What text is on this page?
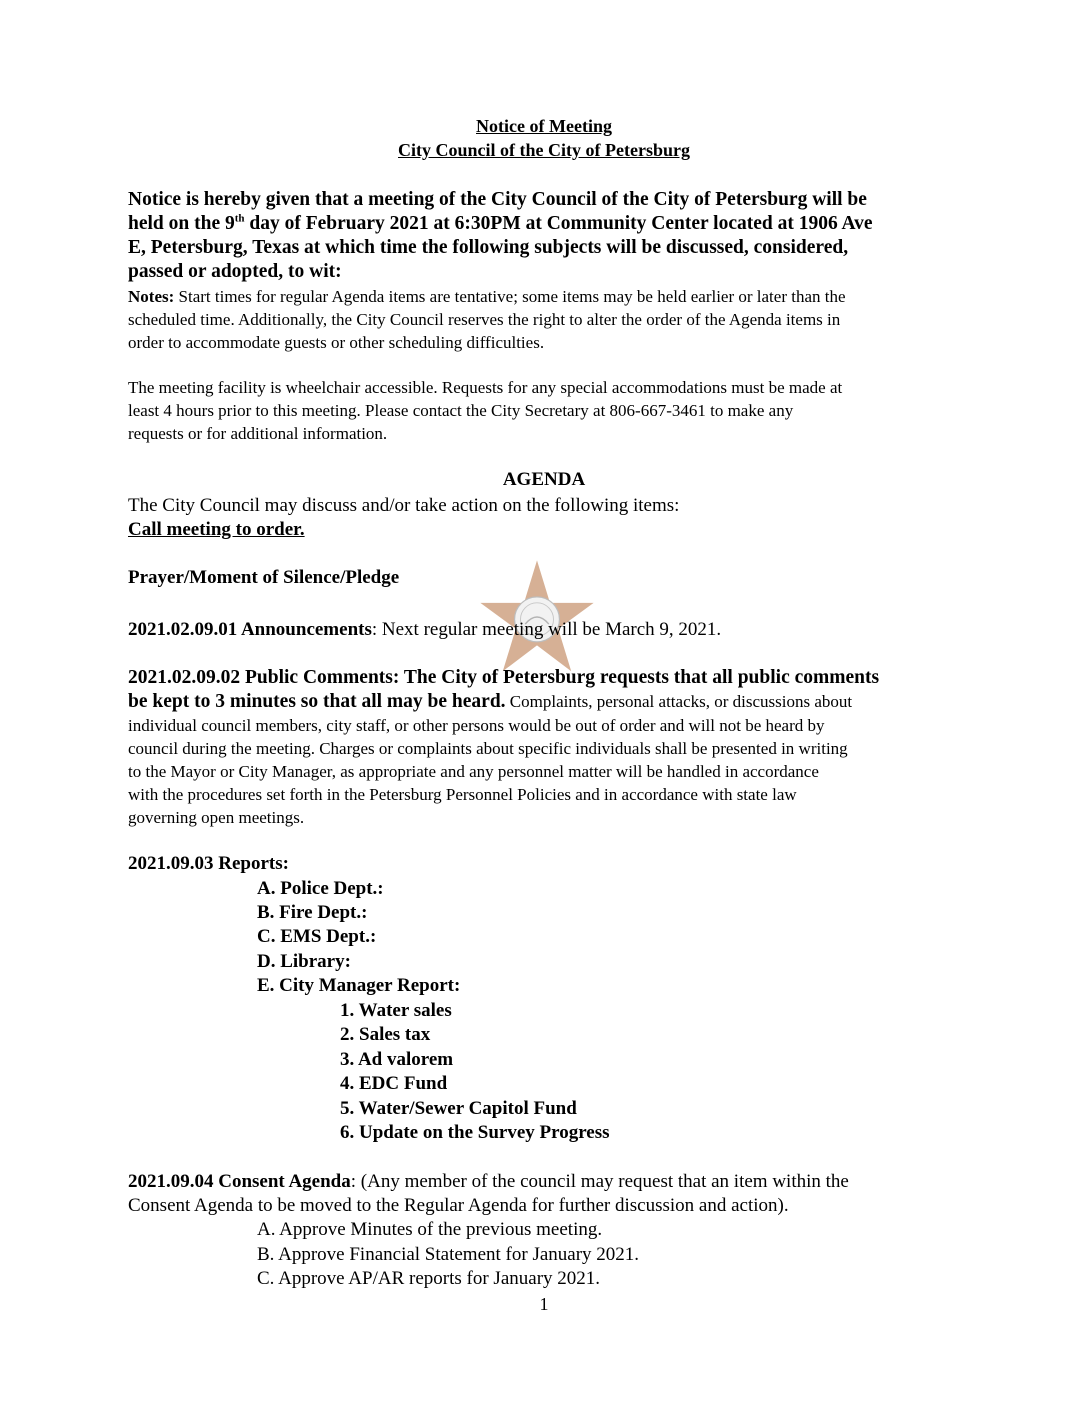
Notice of Meeting
City Council of the City of Petersburg
Notice is hereby given that a meeting of the City Council of the City of Petersburg will be
held on the 9th day of February 2021 at 6:30PM at Community Center located at 1906 Ave
E, Petersburg, Texas at which time the following subjects will be discussed, considered,
passed or adopted, to wit:
Notes: Start times for regular Agenda items are tentative; some items may be held earlier or later than the
scheduled time. Additionally, the City Council reserves the right to alter the order of the Agenda items in
order to accommodate guests or other scheduling difficulties.
The meeting facility is wheelchair accessible. Requests for any special accommodations must be made at
least 4 hours prior to this meeting. Please contact the City Secretary at 806-667-3461 to make any
requests or for additional information.
AGENDA
The City Council may discuss and/or take action on the following items:
Call meeting to order.
Prayer/Moment of Silence/Pledge
2021.02.09.01 Announcements: Next regular meeting will be March 9, 2021.
2021.02.09.02 Public Comments: The City of Petersburg requests that all public comments
be kept to 3 minutes so that all may be heard. Complaints, personal attacks, or discussions about
individual council members, city staff, or other persons would be out of order and will not be heard by
council during the meeting. Charges or complaints about specific individuals shall be presented in writing
to the Mayor or City Manager, as appropriate and any personnel matter will be handled in accordance
with the procedures set forth in the Petersburg Personnel Policies and in accordance with state law
governing open meetings.
2021.09.03 Reports:
A. Police Dept.:
B. Fire Dept.:
C. EMS Dept.:
D. Library:
E. City Manager Report:
1. Water sales
2. Sales tax
3. Ad valorem
4. EDC Fund
5. Water/Sewer Capitol Fund
6. Update on the Survey Progress
2021.09.04 Consent Agenda: (Any member of the council may request that an item within the
Consent Agenda to be moved to the Regular Agenda for further discussion and action).
A. Approve Minutes of the previous meeting.
B. Approve Financial Statement for January 2021.
C. Approve AP/AR reports for January 2021.
1
